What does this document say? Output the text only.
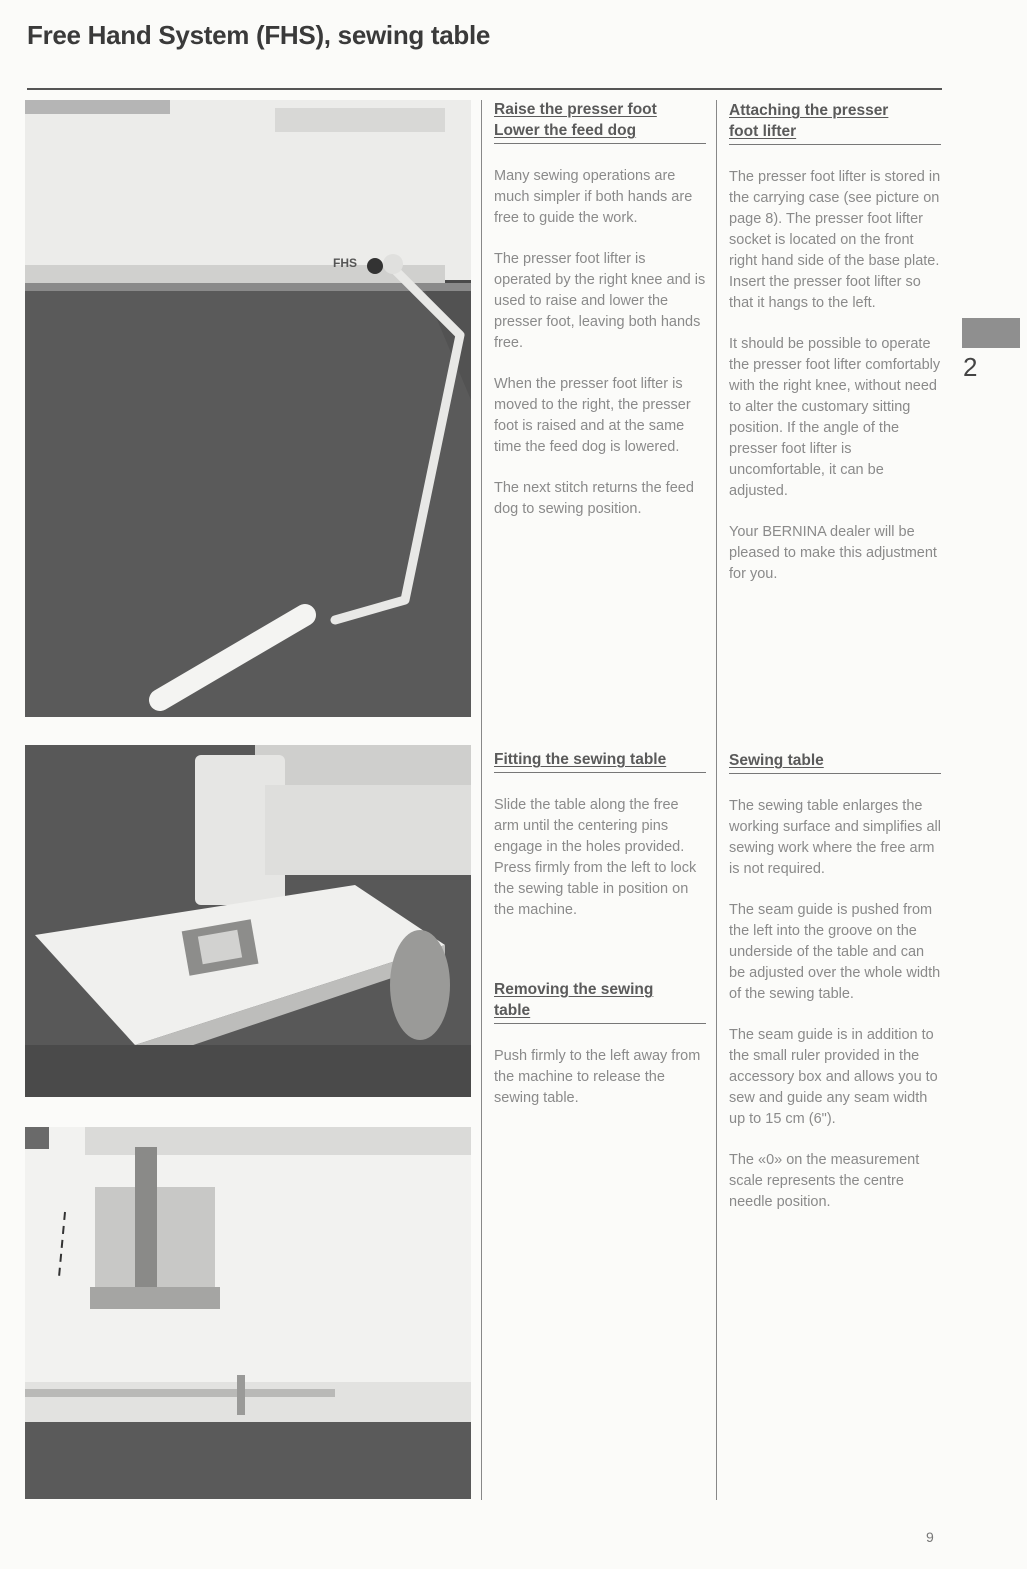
Free Hand System (FHS), sewing table
FHS
Raise the presser foot
Lower the feed dog

Many sewing operations are much simpler if both hands are free to guide the work.

The presser foot lifter is operated by the right knee and is used to raise and lower the presser foot, leaving both hands free.

When the presser foot lifter is moved to the right, the presser foot is raised and at the same time the feed dog is lowered.

The next stitch returns the feed dog to sewing position.

Fitting the sewing table

Slide the table along the free arm until the centering pins engage in the holes provided. Press firmly from the left to lock the sewing table in position on the machine.

Removing the sewing
table

Push firmly to the left away from the machine to release the sewing table.

Attaching the presser
foot lifter

The presser foot lifter is stored in the carrying case (see picture on page 8). The presser foot lifter socket is located on the front right hand side of the base plate. Insert the presser foot lifter so that it hangs to the left.

It should be possible to operate the presser foot lifter comfortably with the right knee, without need to alter the customary sitting position. If the angle of the presser foot lifter is uncomfortable, it can be adjusted.

Your BERNINA dealer will be pleased to make this adjustment for you.

Sewing table

The sewing table enlarges the working surface and simplifies all sewing work where the free arm is not required.

The seam guide is pushed from the left into the groove on the underside of the table and can be adjusted over the whole width of the sewing table.

The seam guide is in addition to the small ruler provided in the accessory box and allows you to sew and guide any seam width up to 15 cm (6").

The «0» on the measurement scale represents the centre needle position.

2
9
